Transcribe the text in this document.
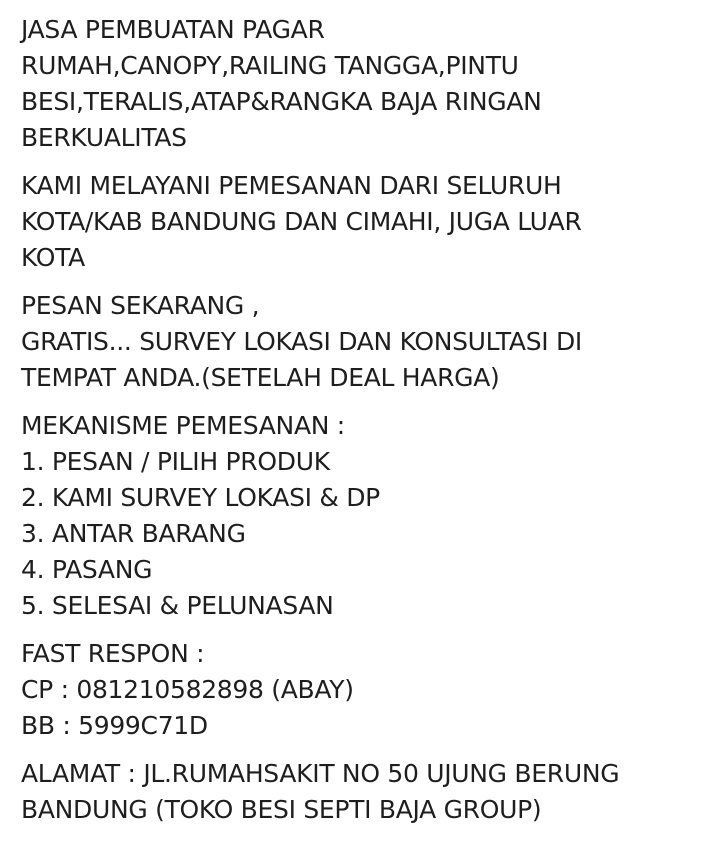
JASA PEMBUATAN PAGAR
RUMAH,CANOPY,RAILING TANGGA,PINTU
BESI,TERALIS,ATAP&RANGKA BAJA RINGAN
BERKUALITAS
KAMI MELAYANI PEMESANAN DARI SELURUH
KOTA/KAB BANDUNG DAN CIMAHI, JUGA LUAR
KOTA
PESAN SEKARANG ,
GRATIS... SURVEY LOKASI DAN KONSULTASI DI
TEMPAT ANDA.(SETELAH DEAL HARGA)
MEKANISME PEMESANAN :
1. PESAN / PILIH PRODUK
2. KAMI SURVEY LOKASI & DP
3. ANTAR BARANG
4. PASANG
5. SELESAI & PELUNASAN
FAST RESPON :
CP : 081210582898 (ABAY)
BB : 5999C71D
ALAMAT : JL.RUMAHSAKIT NO 50 UJUNG BERUNG
BANDUNG (TOKO BESI SEPTI BAJA GROUP)
